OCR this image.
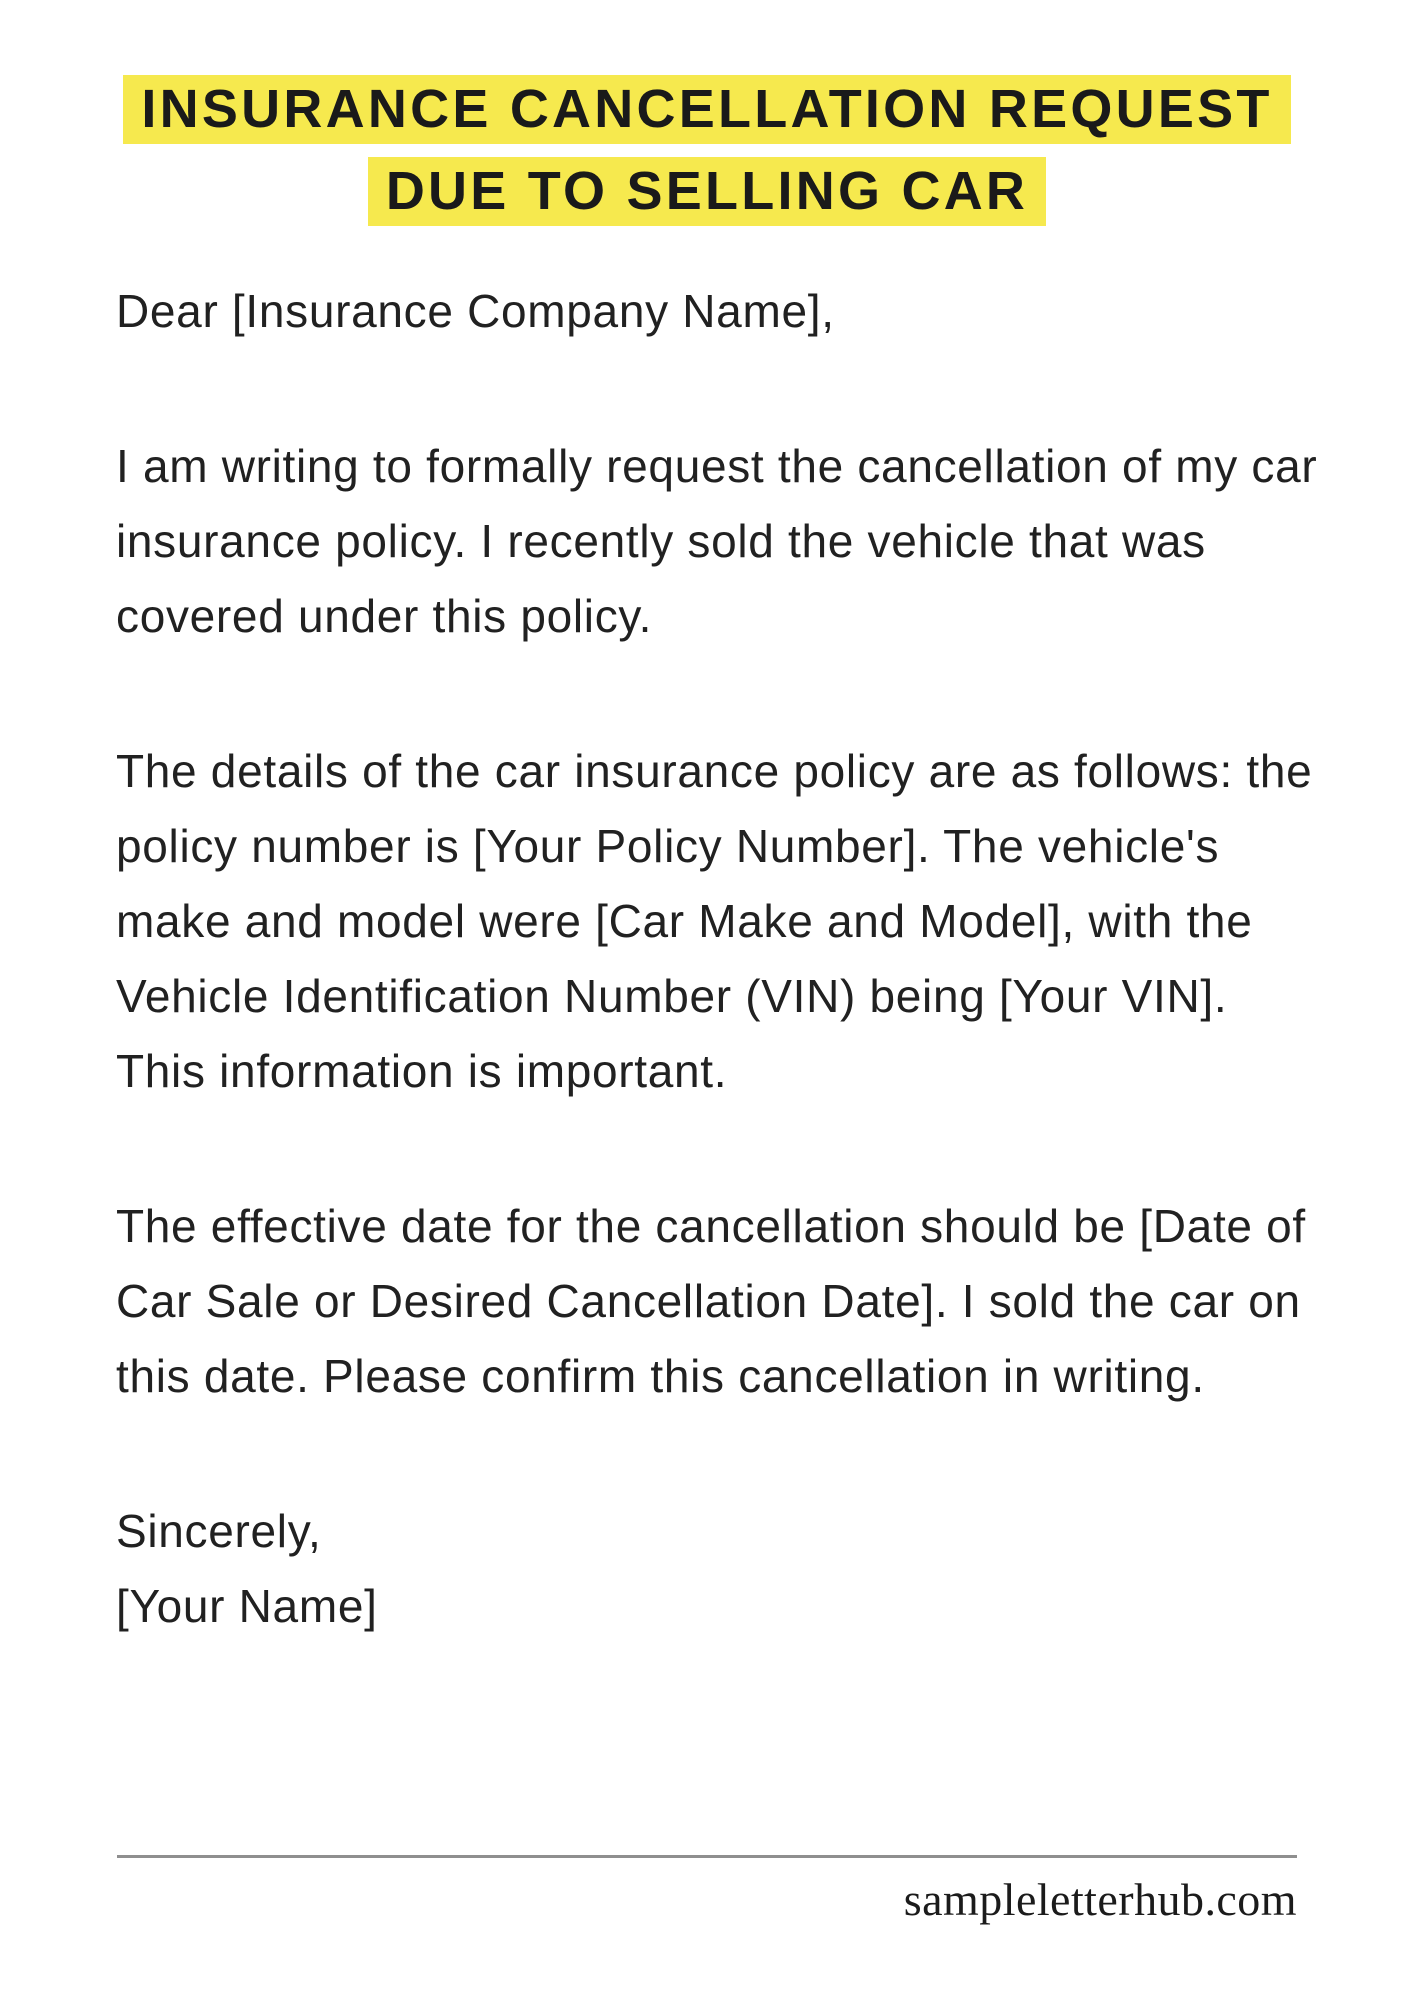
INSURANCE CANCELLATION REQUEST
DUE TO SELLING CAR

Dear [Insurance Company Name],

I am writing to formally request the cancellation of my car
insurance policy. I recently sold the vehicle that was
covered under this policy.

The details of the car insurance policy are as follows: the
policy number is [Your Policy Number]. The vehicle's
make and model were [Car Make and Model], with the
Vehicle Identification Number (VIN) being [Your VIN].
This information is important.

The effective date for the cancellation should be [Date of
Car Sale or Desired Cancellation Date]. I sold the car on
this date. Please confirm this cancellation in writing.

Sincerely,
[Your Name]

sampleletterhub.com
